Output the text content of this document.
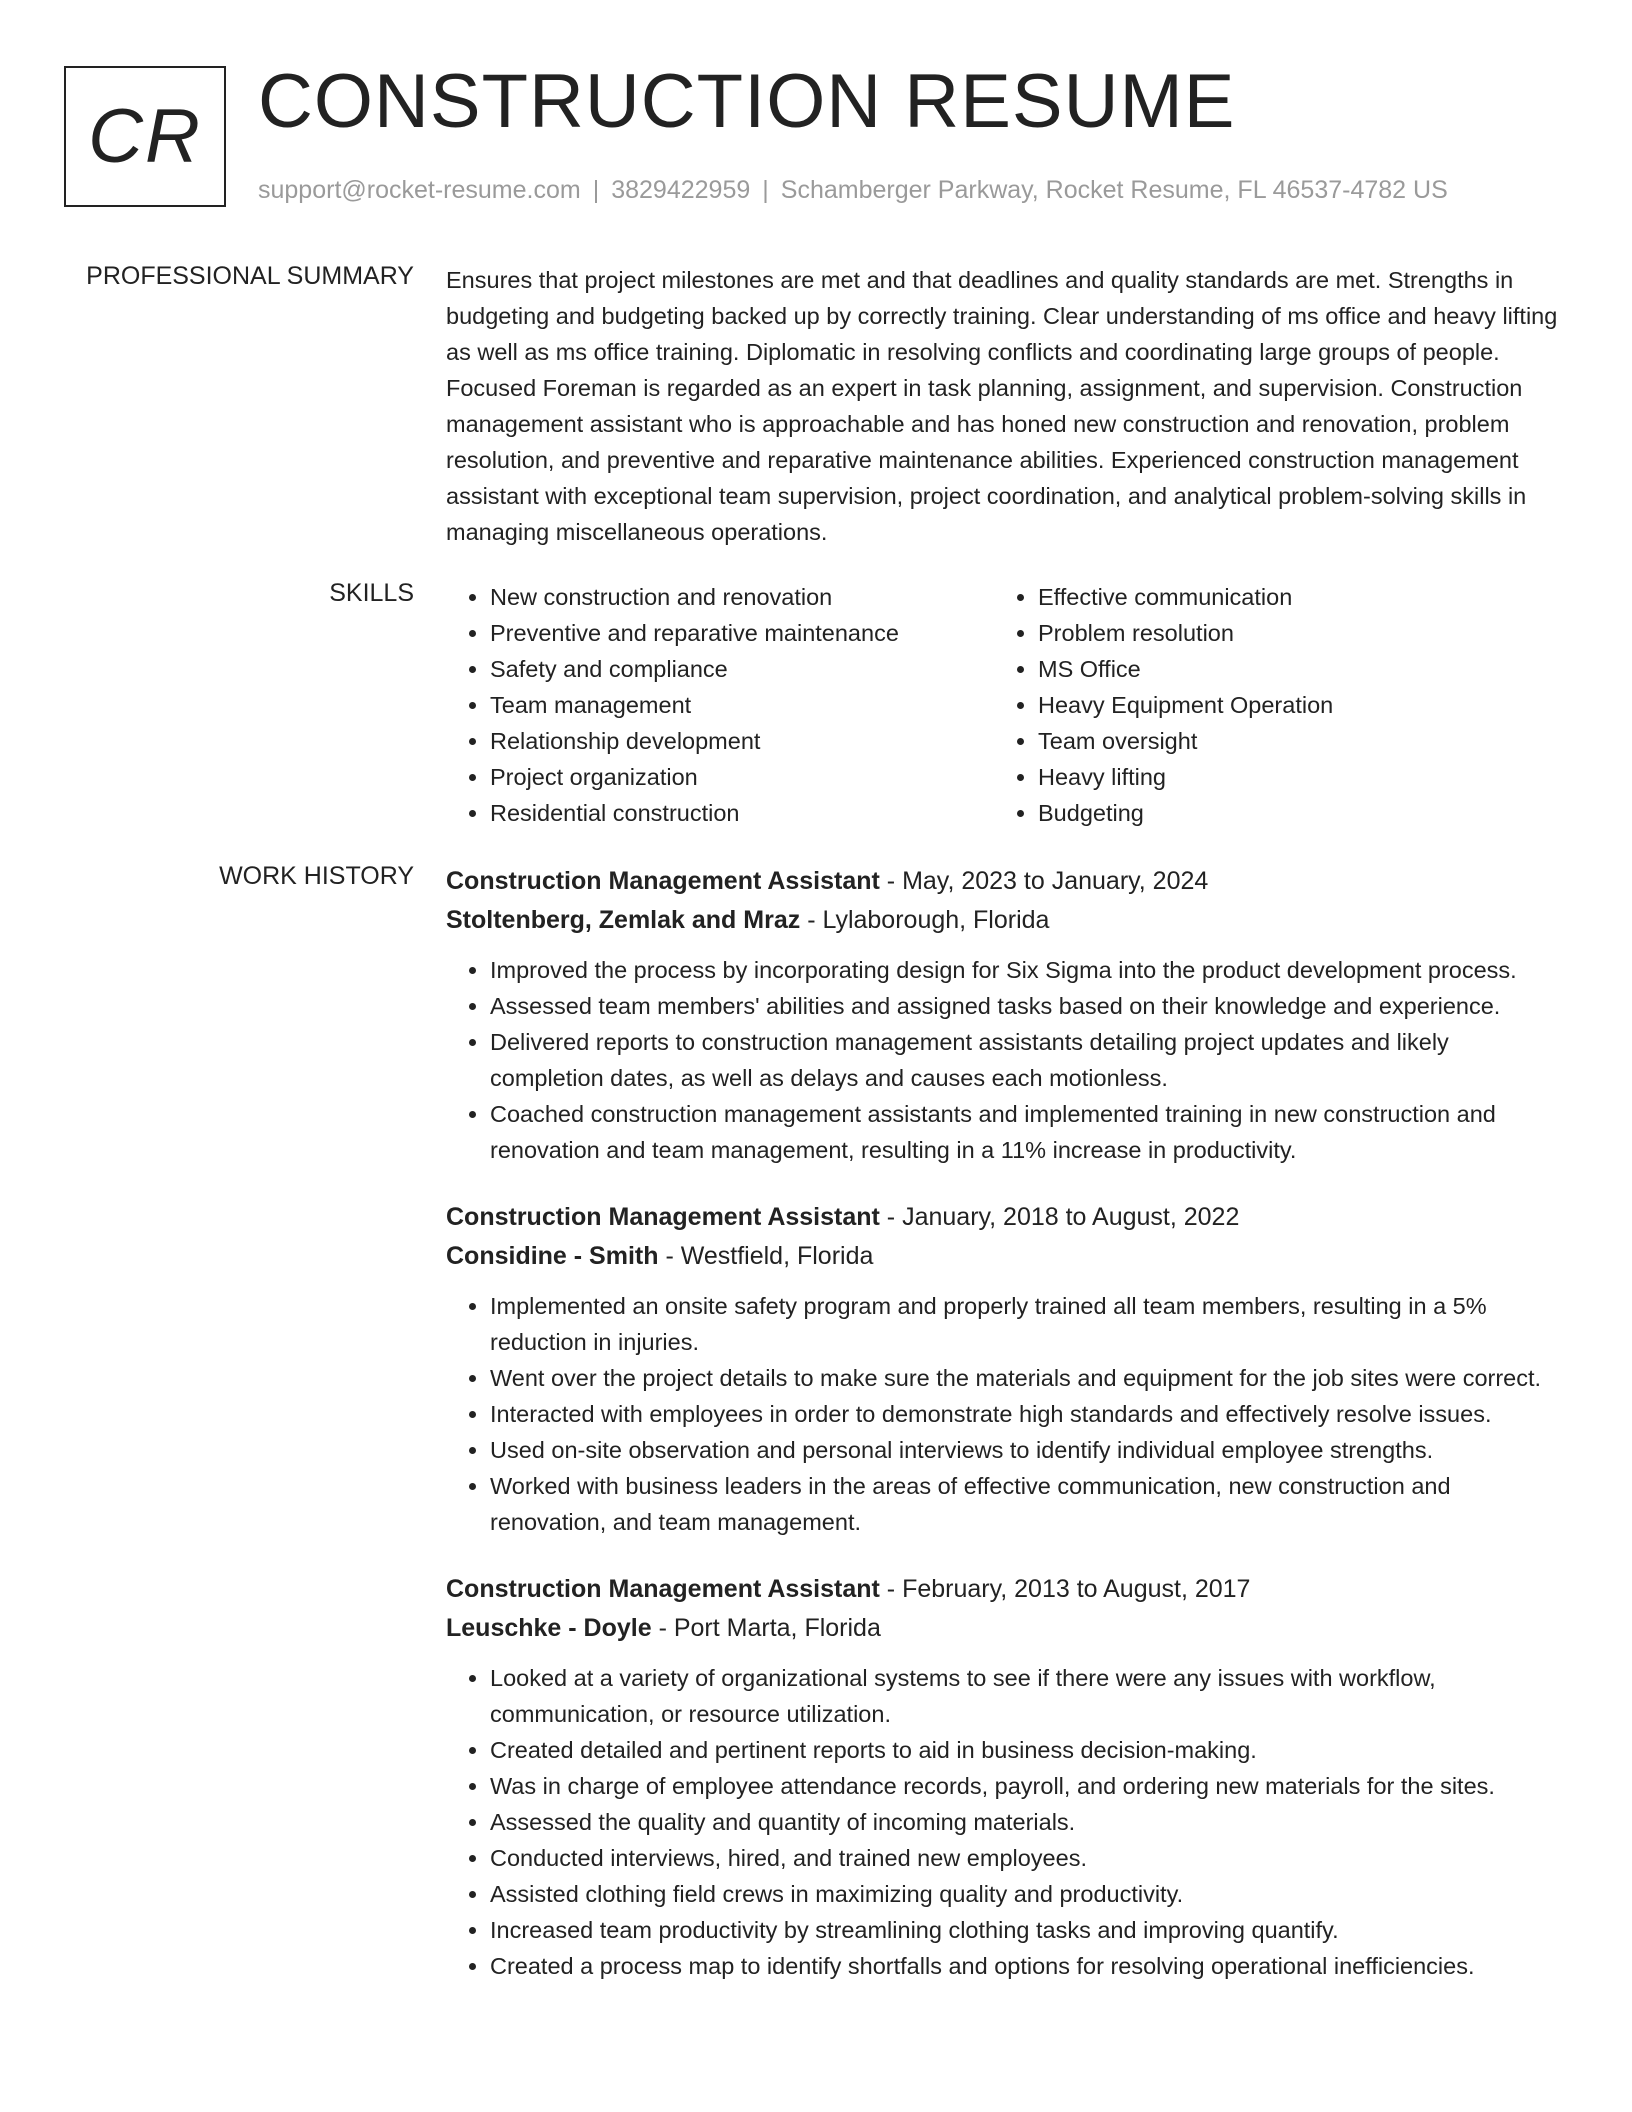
CR CONSTRUCTION RESUME
support@rocket-resume.com | 3829422959 | Schamberger Parkway, Rocket Resume, FL 46537-4782 US
PROFESSIONAL SUMMARY Ensures that project milestones are met and that deadlines and quality standards are met. Strengths in budgeting and budgeting backed up by correctly training. Clear understanding of ms office and heavy lifting as well as ms office training. Diplomatic in resolving conflicts and coordinating large groups of people. Focused Foreman is regarded as an expert in task planning, assignment, and supervision. Construction management assistant who is approachable and has honed new construction and renovation, problem resolution, and preventive and reparative maintenance abilities. Experienced construction management assistant with exceptional team supervision, project coordination, and analytical problem-solving skills in managing miscellaneous operations.

SKILLS
•	New construction and renovation
• Preventive and reparative maintenance
• Safety and compliance
• Team management
• Relationship development
• Project organization
• Residential construction
• Effective communication
• Problem resolution
• MS Office
• Heavy Equipment Operation
• Team oversight
• Heavy lifting
• Budgeting
WORK HISTORY Construction Management Assistant - May, 2023 to January, 2024
Stoltenberg, Zemlak and Mraz - Lylaborough, Florida
• Improved the process by incorporating design for Six Sigma into the product development process.
• Assessed team members' abilities and assigned tasks based on their knowledge and experience.
• Delivered reports to construction management assistants detailing project updates and likely completion dates, as well as delays and causes each motionless.
• Coached construction management assistants and implemented training in new construction and renovation and team management, resulting in a 11% increase in productivity.
Construction Management Assistant - January, 2018 to August, 2022
Considine - Smith - Westfield, Florida
• Implemented an onsite safety program and properly trained all team members, resulting in a 5% reduction in injuries.
• Went over the project details to make sure the materials and equipment for the job sites were correct.
• Interacted with employees in order to demonstrate high standards and effectively resolve issues.
• Used on-site observation and personal interviews to identify individual employee strengths.
• Worked with business leaders in the areas of effective communication, new construction and renovation, and team management.
Construction Management Assistant - February, 2013 to August, 2017
Leuschke - Doyle - Port Marta, Florida
• Looked at a variety of organizational systems to see if there were any issues with workflow, communication, or resource utilization.
• Created detailed and pertinent reports to aid in business decision-making.
• Was in charge of employee attendance records, payroll, and ordering new materials for the sites.
• Assessed the quality and quantity of incoming materials.
• Conducted interviews, hired, and trained new employees.
• Assisted clothing field crews in maximizing quality and productivity.
• Increased team productivity by streamlining clothing tasks and improving quantify.
• Created a process map to identify shortfalls and options for resolving operational inefficiencies.
